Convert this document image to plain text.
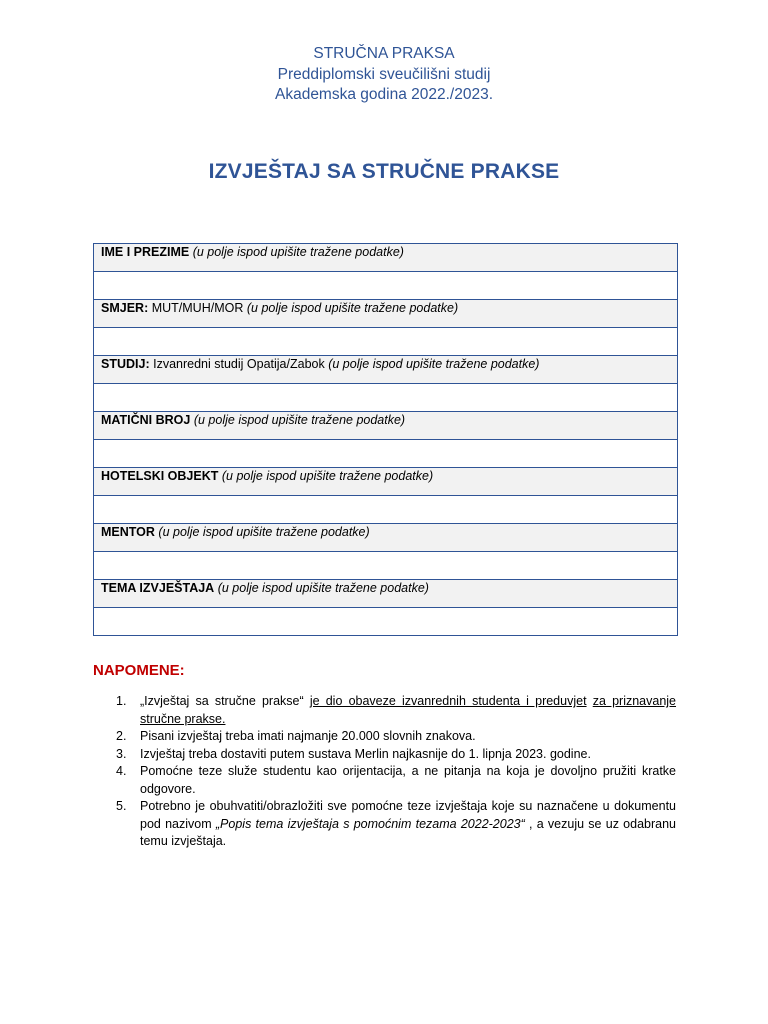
STRUČNA PRAKSA
Preddiplomski sveučilišni studij
Akademska godina 2022./2023.
IZVJEŠTAJ SA STRUČNE PRAKSE
IME I PREZIME (u polje ispod upišite tražene podatke)

SMJER: MUT/MUH/MOR (u polje ispod upišite tražene podatke)

STUDIJ: Izvanredni studij Opatija/Zabok (u polje ispod upišite tražene podatke)

MATIČNI BROJ (u polje ispod upišite tražene podatke)

HOTELSKI OBJEKT (u polje ispod upišite tražene podatke)

MENTOR (u polje ispod upišite tražene podatke)

TEMA IZVJEŠTAJA (u polje ispod upišite tražene podatke)

NAPOMENE:
1. „Izvještaj sa stručne prakse“ je dio obaveze izvanrednih studenta i preduvjet za priznavanje stručne prakse.
2. Pisani izvještaj treba imati najmanje 20.000 slovnih znakova.
3. Izvještaj treba dostaviti putem sustava Merlin najkasnije do 1. lipnja 2023. godine.
4. Pomoćne teze služe studentu kao orijentacija, a ne pitanja na koja je dovoljno pružiti kratke odgovore.
5. Potrebno je obuhvatiti/obrazložiti sve pomoćne teze izvještaja koje su naznačene u dokumentu pod nazivom „Popis tema izvještaja s pomoćnim tezama 2022-2023“ , a vezuju se uz odabranu temu izvještaja.
